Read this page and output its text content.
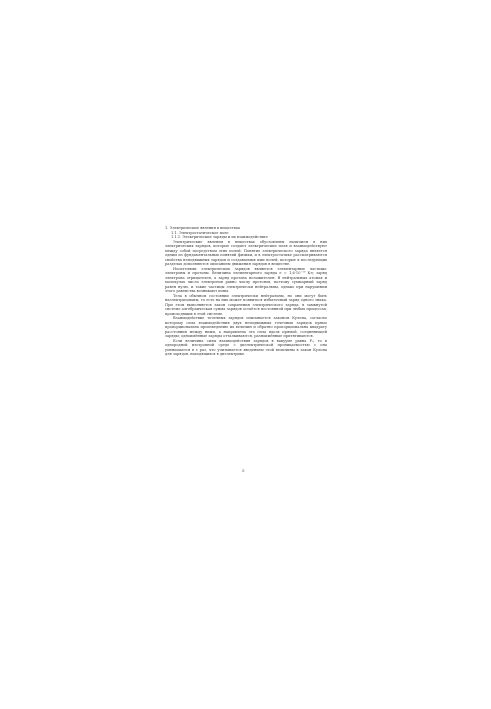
1. Электрические явления в веществах
1.1. Электростатическое поле
1.1.1. Электрические заряды и их взаимодействие

Электрические явления в веществах обусловлены наличием в них электрических зарядов, которые создают электрические поля и взаимодействуют между собой посредством этих полей. Понятие электрического заряда является одним из фундаментальных понятий физики, и в электростатике рассматриваются свойства неподвижных зарядов и создаваемых ими полей, которые в последующих разделах дополняются описанием движения зарядов в веществе.

Носителями электрических зарядов являются элементарные частицы: электроны и протоны. Величина элементарного заряда е = 1,6·10⁻¹⁹ Кл; заряд электрона отрицателен, а заряд протона положителен. В нейтральных атомах и молекулах число электронов равно числу протонов, поэтому суммарный заряд равен нулю, и такие частицы электрически нейтральны, однако при нарушении этого равенства возникают ионы.

Тела в обычном состоянии электрически нейтральны, но они могут быть наэлектризованы, то есть на них может появиться избыточный заряд одного знака. При этом выполняется закон сохранения электрического заряда: в замкнутой системе алгебраическая сумма зарядов остаётся постоянной при любых процессах, происходящих в этой системе.

Взаимодействие точечных зарядов описывается законом Кулона, согласно которому сила взаимодействия двух неподвижных точечных зарядов прямо пропорциональна произведению их величин и обратно пропорциональна квадрату расстояния между ними, а направлена эта сила вдоль прямой, соединяющей заряды; одноимённые заряды отталкиваются, разноимённые притягиваются.

Если величина силы взаимодействия зарядов в вакууме равна F₀, то в однородной изотропной среде с диэлектрической проницаемостью ε она уменьшается в ε раз, что учитывается введением этой величины в закон Кулона для зарядов, находящихся в диэлектрике.

5
